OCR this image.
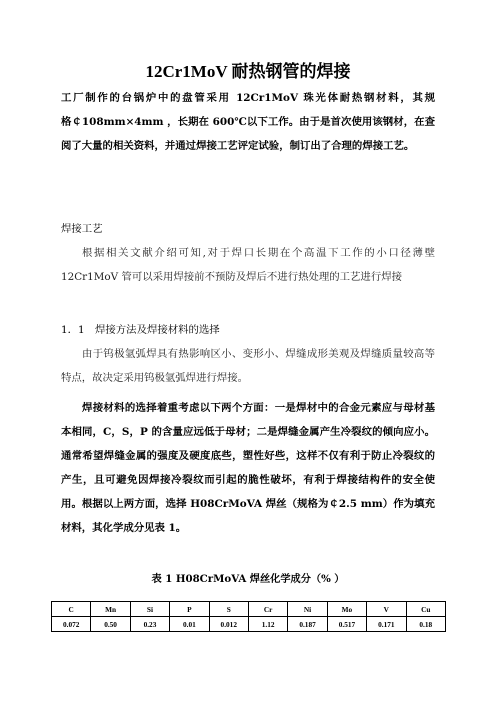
12Cr1MoV 耐热钢管的焊接
工厂制作的台锅炉中的盘管采用 12Cr1MoV 珠光体耐热钢材料，其规格￠108mm×4mm ，长期在 600℃以下工作。由于是首次使用该钢材，在查阅了大量的相关资料，并通过焊接工艺评定试验，制订出了合理的焊接工艺。
焊接工艺
根据相关文献介绍可知,对于焊口长期在个高温下工作的小口径薄壁 12Cr1MoV 管可以采用焊接前不预防及焊后不进行热处理的工艺进行焊接
1．1　焊接方法及焊接材料的选择
由于钨极氩弧焊具有热影响区小、变形小、焊缝成形美观及焊缝质量较高等特点，故决定采用钨极氩弧焊进行焊接。
焊接材料的选择着重考虑以下两个方面：一是焊材中的合金元素应与母材基本相同，C，S，P 的含量应远低于母材；二是焊缝金属产生冷裂纹的倾向应小。通常希望焊缝金属的强度及硬度底些，塑性好些，这样不仅有利于防止冷裂纹的产生，且可避免因焊接冷裂纹而引起的脆性破坏，有利于焊接结构件的安全使用。根据以上两方面，选择 H08CrMoVA 焊丝（规格为￠2.5 mm）作为填充材料，其化学成分见表 1。
表 1 H08CrMoVA 焊丝化学成分（% ）
C	Mn	Si	P	S	Cr	Ni	Mo	V	Cu
0.072	0.50	0.23	0.01	0.012	1.12	0.187	0.517	0.171	0.18
